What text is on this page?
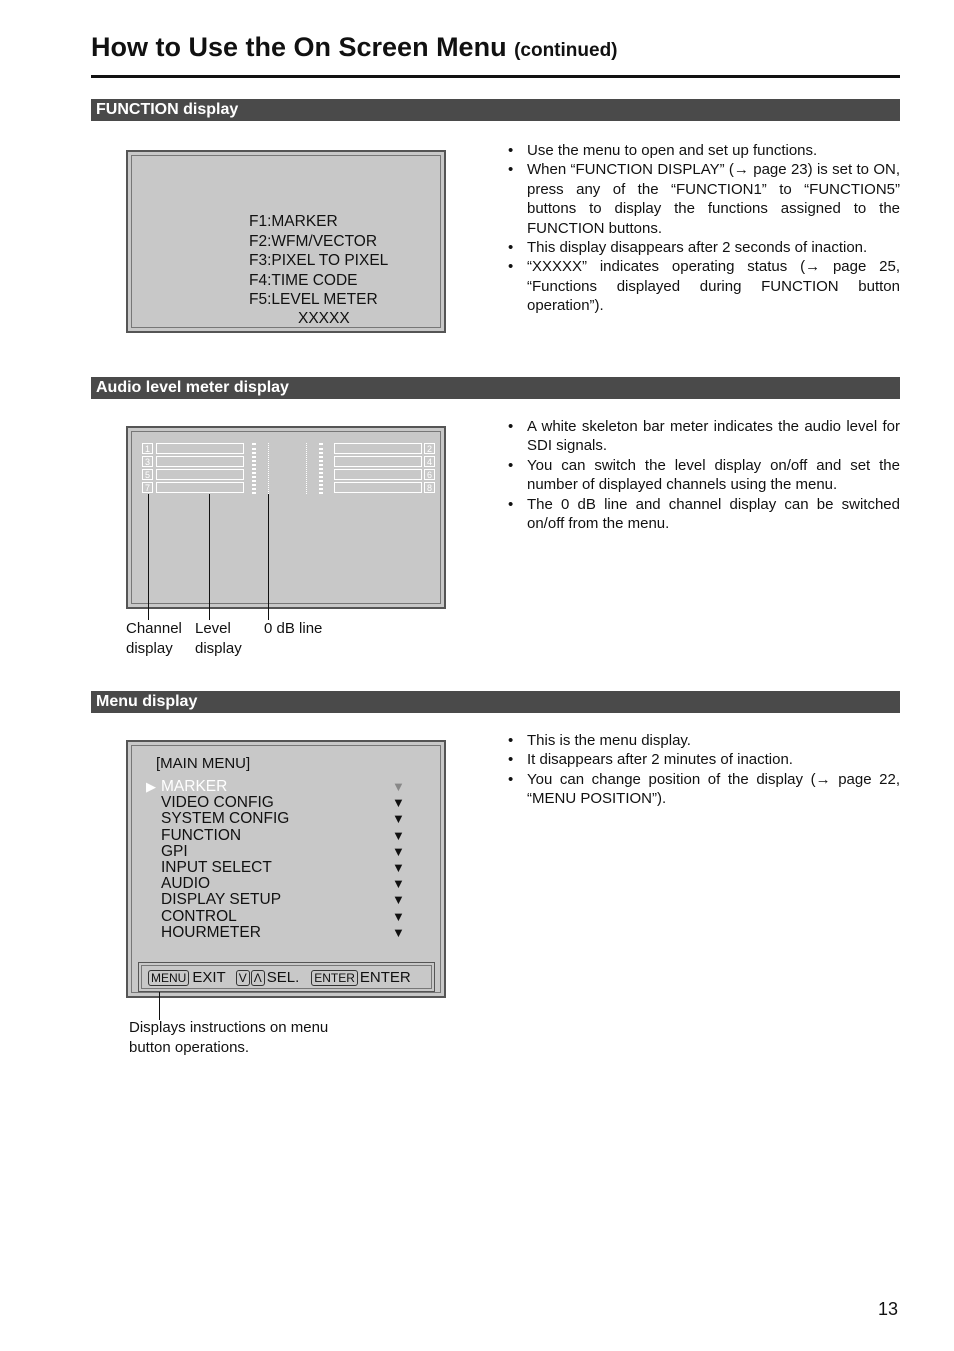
How to Use the On Screen Menu (continued)
FUNCTION display
F1:MARKER
F2:WFM/VECTOR
F3:PIXEL TO PIXEL
F4:TIME CODE
F5:LEVEL METER
XXXXX
• Use the menu to open and set up functions.
• When “FUNCTION DISPLAY” (→ page 23) is set to ON, press any of the “FUNCTION1” to “FUNCTION5” buttons to display the functions assigned to the FUNCTION buttons.
• This display disappears after 2 seconds of inaction.
• “XXXXX” indicates operating status (→ page 25, “Functions displayed during FUNCTION button operation”).
Audio level meter display
1
3
5
7
2
4
6
8
Channel
display
Level
display
0 dB line
• A white skeleton bar meter indicates the audio level for SDI signals.
• You can switch the level display on/off and set the number of displayed channels using the menu.
• The 0 dB line and channel display can be switched on/off from the menu.
Menu display
[MAIN MENU]
▶ MARKER
VIDEO CONFIG
SYSTEM CONFIG
FUNCTION
GPI
INPUT SELECT
AUDIO
DISPLAY SETUP
CONTROL
HOURMETER
▼
▼
▼
▼
▼
▼
▼
▼
▼
▼
MENU EXIT V Λ SEL. ENTER ENTER
Displays instructions on menu
button operations.
• This is the menu display.
• It disappears after 2 minutes of inaction.
• You can change position of the display (→ page 22, “MENU POSITION”).
13
